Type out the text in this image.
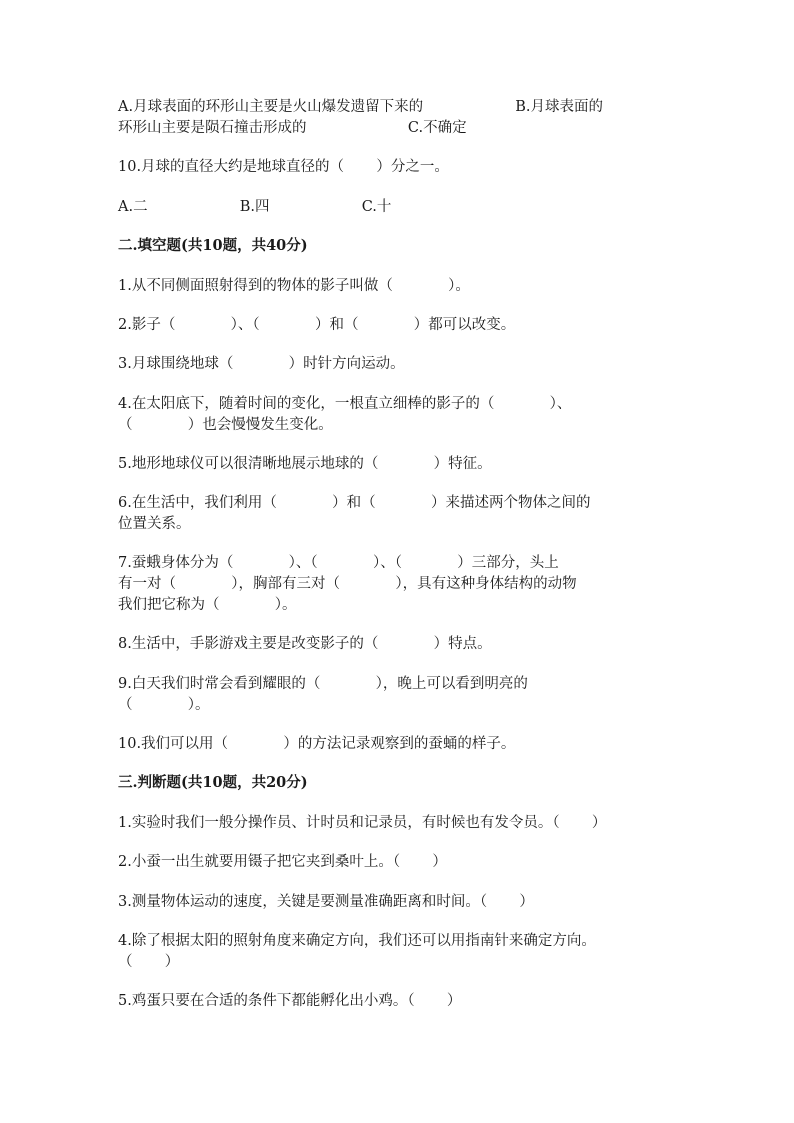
A.月球表面的环形山主要是火山爆发遗留下来的                    B.月球表面的
环形山主要是陨石撞击形成的                      C.不确定
10.月球的直径大约是地球直径的（       ）分之一。
A.二                    B.四                    C.十
二.填空题(共10题，共40分)
1.从不同侧面照射得到的物体的影子叫做（            ）。
2.影子（            ）、（            ）和（            ）都可以改变。
3.月球围绕地球（            ）时针方向运动。
4.在太阳底下，随着时间的变化，一根直立细棒的影子的（            ）、
（            ）也会慢慢发生变化。
5.地形地球仪可以很清晰地展示地球的（            ）特征。
6.在生活中，我们利用（            ）和（            ）来描述两个物体之间的
位置关系。
7.蚕蛾身体分为（            ）、（            ）、（            ）三部分，头上
有一对（            ），胸部有三对（            ），具有这种身体结构的动物
我们把它称为（            ）。
8.生活中，手影游戏主要是改变影子的（            ）特点。
9.白天我们时常会看到耀眼的（            ），晚上可以看到明亮的
（            ）。
10.我们可以用（            ）的方法记录观察到的蚕蛹的样子。
三.判断题(共10题，共20分)
1.实验时我们一般分操作员、计时员和记录员，有时候也有发令员。（       ）
2.小蚕一出生就要用镊子把它夹到桑叶上。（       ）
3.测量物体运动的速度，关键是要测量准确距离和时间。（       ）
4.除了根据太阳的照射角度来确定方向，我们还可以用指南针来确定方向。
（       ）
5.鸡蛋只要在合适的条件下都能孵化出小鸡。（       ）
